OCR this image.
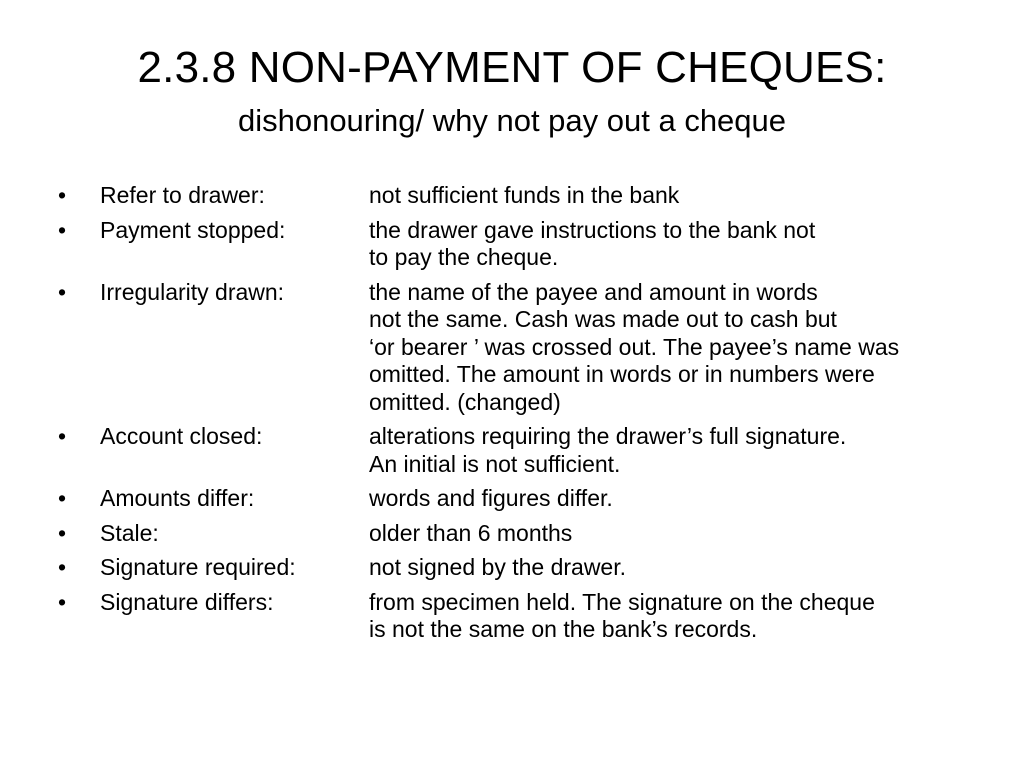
2.3.8 NON-PAYMENT OF CHEQUES:

dishonouring/ why not pay out a cheque

•	Refer to drawer:	not sufficient funds in the bank
•	Payment stopped:	the drawer gave instructions to the bank not
to pay the cheque.
•	Irregularity drawn:	the name of the payee and amount in words
not the same. Cash was made out to cash but
‘or bearer ’ was crossed out. The payee’s name was
omitted. The amount in words or in numbers were
omitted. (changed)
•	Account closed:	alterations requiring the drawer’s full signature.
An initial is not sufficient.
•	Amounts differ:	words and figures differ.
•	Stale:	older than 6 months
•	Signature required:	not signed by the drawer.
•	Signature differs:	from specimen held. The signature on the cheque
is not the same on the bank’s records.
